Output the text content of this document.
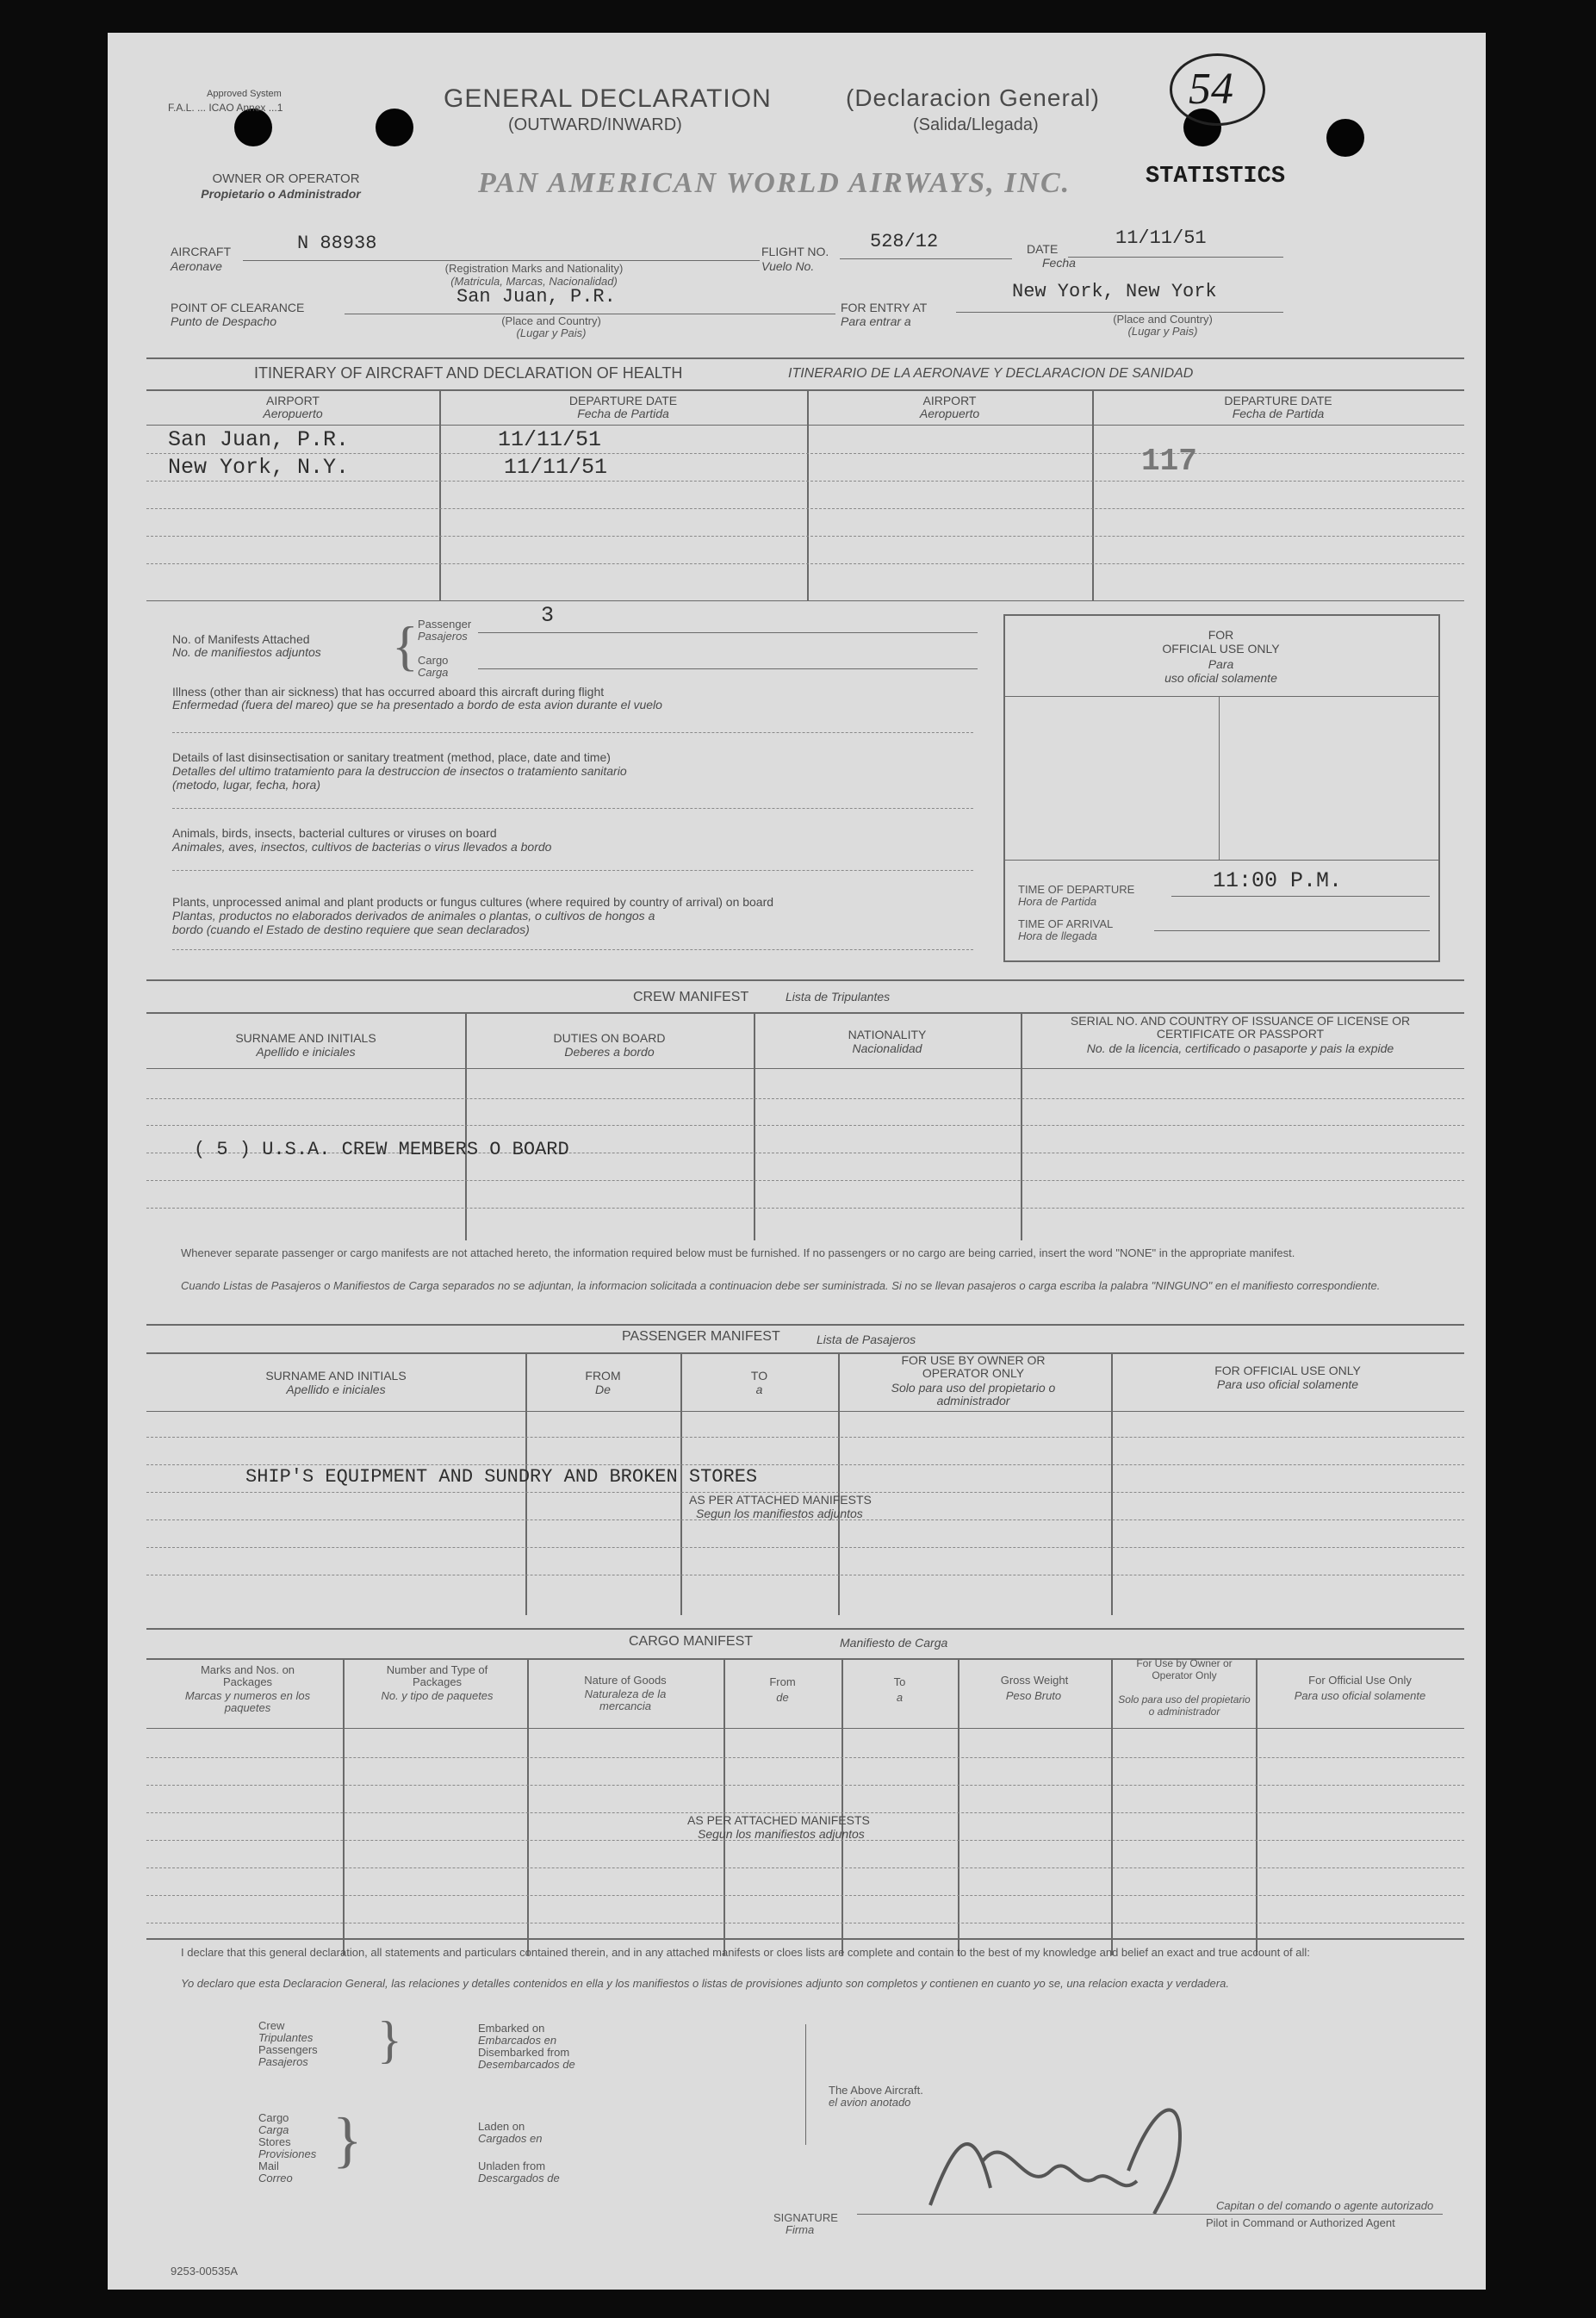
Approved System
F.A.L. ... ICAO Annex ...1	GENERAL DECLARATION
(OUTWARD/INWARD)
(Declaracion General)
(Salida/Llegada)
54
OWNER OR OPERATOR
Propietario o Administrador	PAN AMERICAN WORLD AIRWAYS, INC.	STATISTICS
AIRCRAFT
Aeronave
N 88938
(Registration Marks and Nationality)
(Matricula, Marcas, Nacionalidad)
FLIGHT NO.
Vuelo No.
528/12	DATE
Fecha
11/11/51
POINT OF CLEARANCE
Punto de Despacho
San Juan, P.R.
(Place and Country)
(Lugar y Pais)
FOR ENTRY AT
Para entrar a
New York, New York
(Place and Country)
(Lugar y Pais)
ITINERARY OF AIRCRAFT AND DECLARATION OF HEALTH	ITINERARIO DE LA AERONAVE Y DECLARACION DE SANIDAD
AIRPORT
Aeropuerto
DEPARTURE DATE
Fecha de Partida
AIRPORT
Aeropuerto
DEPARTURE DATE
Fecha de Partida
San Juan, P.R.	11/11/51
New York, N.Y.	11/11/51	117
No. of Manifests Attached
No. de manifiestos adjuntos { Passenger
Pasajeros
Cargo
Carga
3
Illness (other than air sickness) that has occurred aboard this aircraft during flight
Enfermedad (fuera del mareo) que se ha presentado a bordo de esta avion durante el vuelo
Details of last disinsectisation or sanitary treatment (method, place, date and time)
Detalles del ultimo tratamiento para la destruccion de insectos o tratamiento sanitario
(metodo, lugar, fecha, hora)
Animals, birds, insects, bacterial cultures or viruses on board
Animales, aves, insectos, cultivos de bacterias o virus llevados a bordo
Plants, unprocessed animal and plant products or fungus cultures (where required by country of arrival) on board
Plantas, productos no elaborados derivados de animales o plantas, o cultivos de hongos a
bordo (cuando el Estado de destino requiere que sean declarados)
FOR
OFFICIAL USE ONLY
Para
uso oficial solamente
TIME OF DEPARTURE
Hora de Partida
11:00 P.M.
TIME OF ARRIVAL
Hora de llegada
CREW MANIFEST	Lista de Tripulantes
SURNAME AND INITIALS
Apellido e iniciales
DUTIES ON BOARD
Deberes a bordo
NATIONALITY
Nacionalidad
SERIAL NO. AND COUNTRY OF ISSUANCE OF LICENSE OR CERTIFICATE OR PASSPORT
No. de la licencia, certificado o pasaporte y pais la expide
( 5 ) U.S.A. CREW MEMBERS O BOARD
Whenever separate passenger or cargo manifests are not attached hereto, the information required below must be furnished. If no passengers or no cargo are being carried, insert the word "NONE" in the appropriate manifest.
Cuando Listas de Pasajeros o Manifiestos de Carga separados no se adjuntan, la informacion solicitada a continuacion debe ser suministrada. Si no se llevan pasajeros o carga escriba la palabra "NINGUNO" en el manifiesto correspondiente.
PASSENGER MANIFEST	Lista de Pasajeros
SURNAME AND INITIALS
Apellido e iniciales
FROM
De
TO
a
FOR USE BY OWNER OR OPERATOR ONLY
Solo para uso del propietario o administrador
FOR OFFICIAL USE ONLY
Para uso oficial solamente
SHIP'S EQUIPMENT AND SUNDRY AND BROKEN STORES
AS PER ATTACHED MANIFESTS
Segun los manifiestos adjuntos
CARGO MANIFEST	Manifiesto de Carga
Marks and Nos. on Packages
Marcas y numeros en los paquetes
Number and Type of Packages
No. y tipo de paquetes
Nature of Goods
Naturaleza de la mercancia
From
de
To
a
Gross Weight
Peso Bruto
For Use by Owner or Operator Only
Solo para uso del propietario o administrador
For Official Use Only
Para uso oficial solamente
AS PER ATTACHED MANIFESTS
Segun los manifiestos adjuntos
I declare that this general declaration, all statements and particulars contained therein, and in any attached manifests or cloes lists are complete and contain to the best of my knowledge and belief an exact and true account of all:
Yo declaro que esta Declaracion General, las relaciones y detalles contenidos en ella y los manifiestos o listas de provisiones adjunto son completos y contienen en cuanto yo se, una relacion exacta y verdadera.
Crew
Tripulantes
Passengers
Pasajeros }	Embarked on
Embarcados en
Disembarked from
Desembarcados de
Cargo
Carga
Stores
Provisiones
Mail
Correo
}	Laden on
Cargados en
Unladen from
Descargados de
The Above Aircraft.
el avion anotado
SIGNATURE
Firma
Capitan o del comando o agente autorizado
Pilot in Command or Authorized Agent
9253-00535A
